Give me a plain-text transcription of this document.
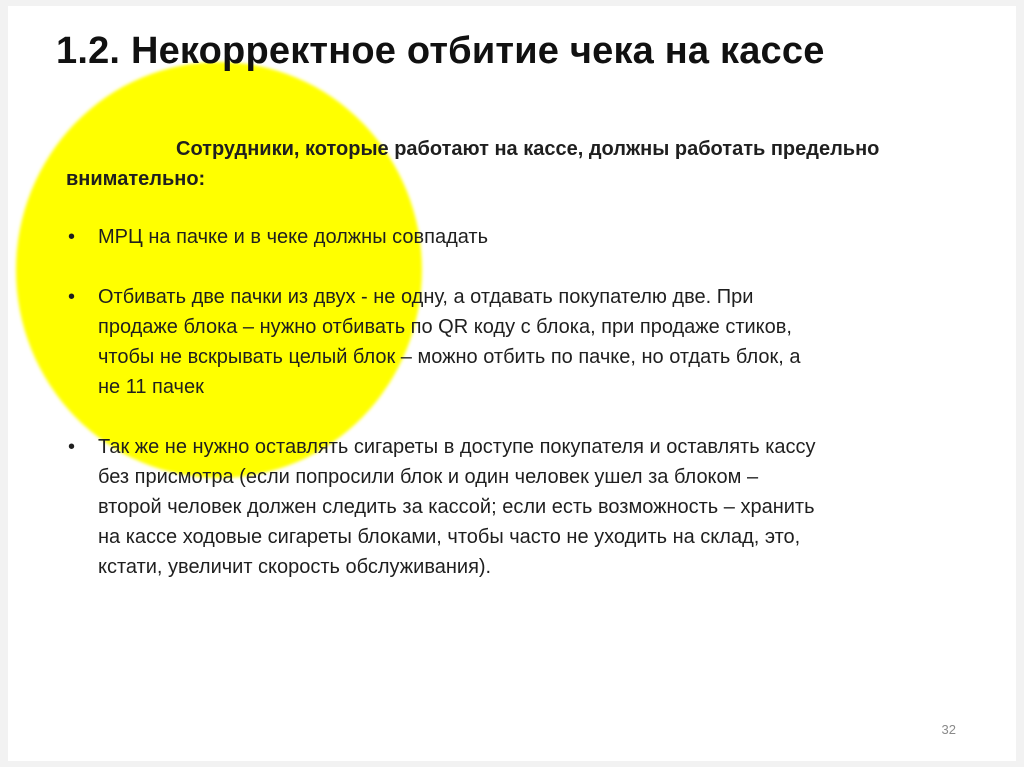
1.2. Некорректное отбитие чека на кассе

Сотрудники, которые работают на кассе, должны работать предельно
внимательно:

• МРЦ на пачке и в чеке должны совпадать
• Отбивать две пачки из двух - не одну, а отдавать покупателю две. При
продаже блока – нужно отбивать по QR коду с блока, при продаже стиков,
чтобы не вскрывать целый блок – можно отбить по пачке, но отдать блок, а
не 11 пачек
• Так же не нужно оставлять сигареты в доступе покупателя и оставлять кассу
без присмотра (если попросили блок и один человек ушел за блоком –
второй человек должен следить за кассой; если есть возможность – хранить
на кассе ходовые сигареты блоками, чтобы часто не уходить на склад, это,
кстати, увеличит скорость обслуживания).
32
